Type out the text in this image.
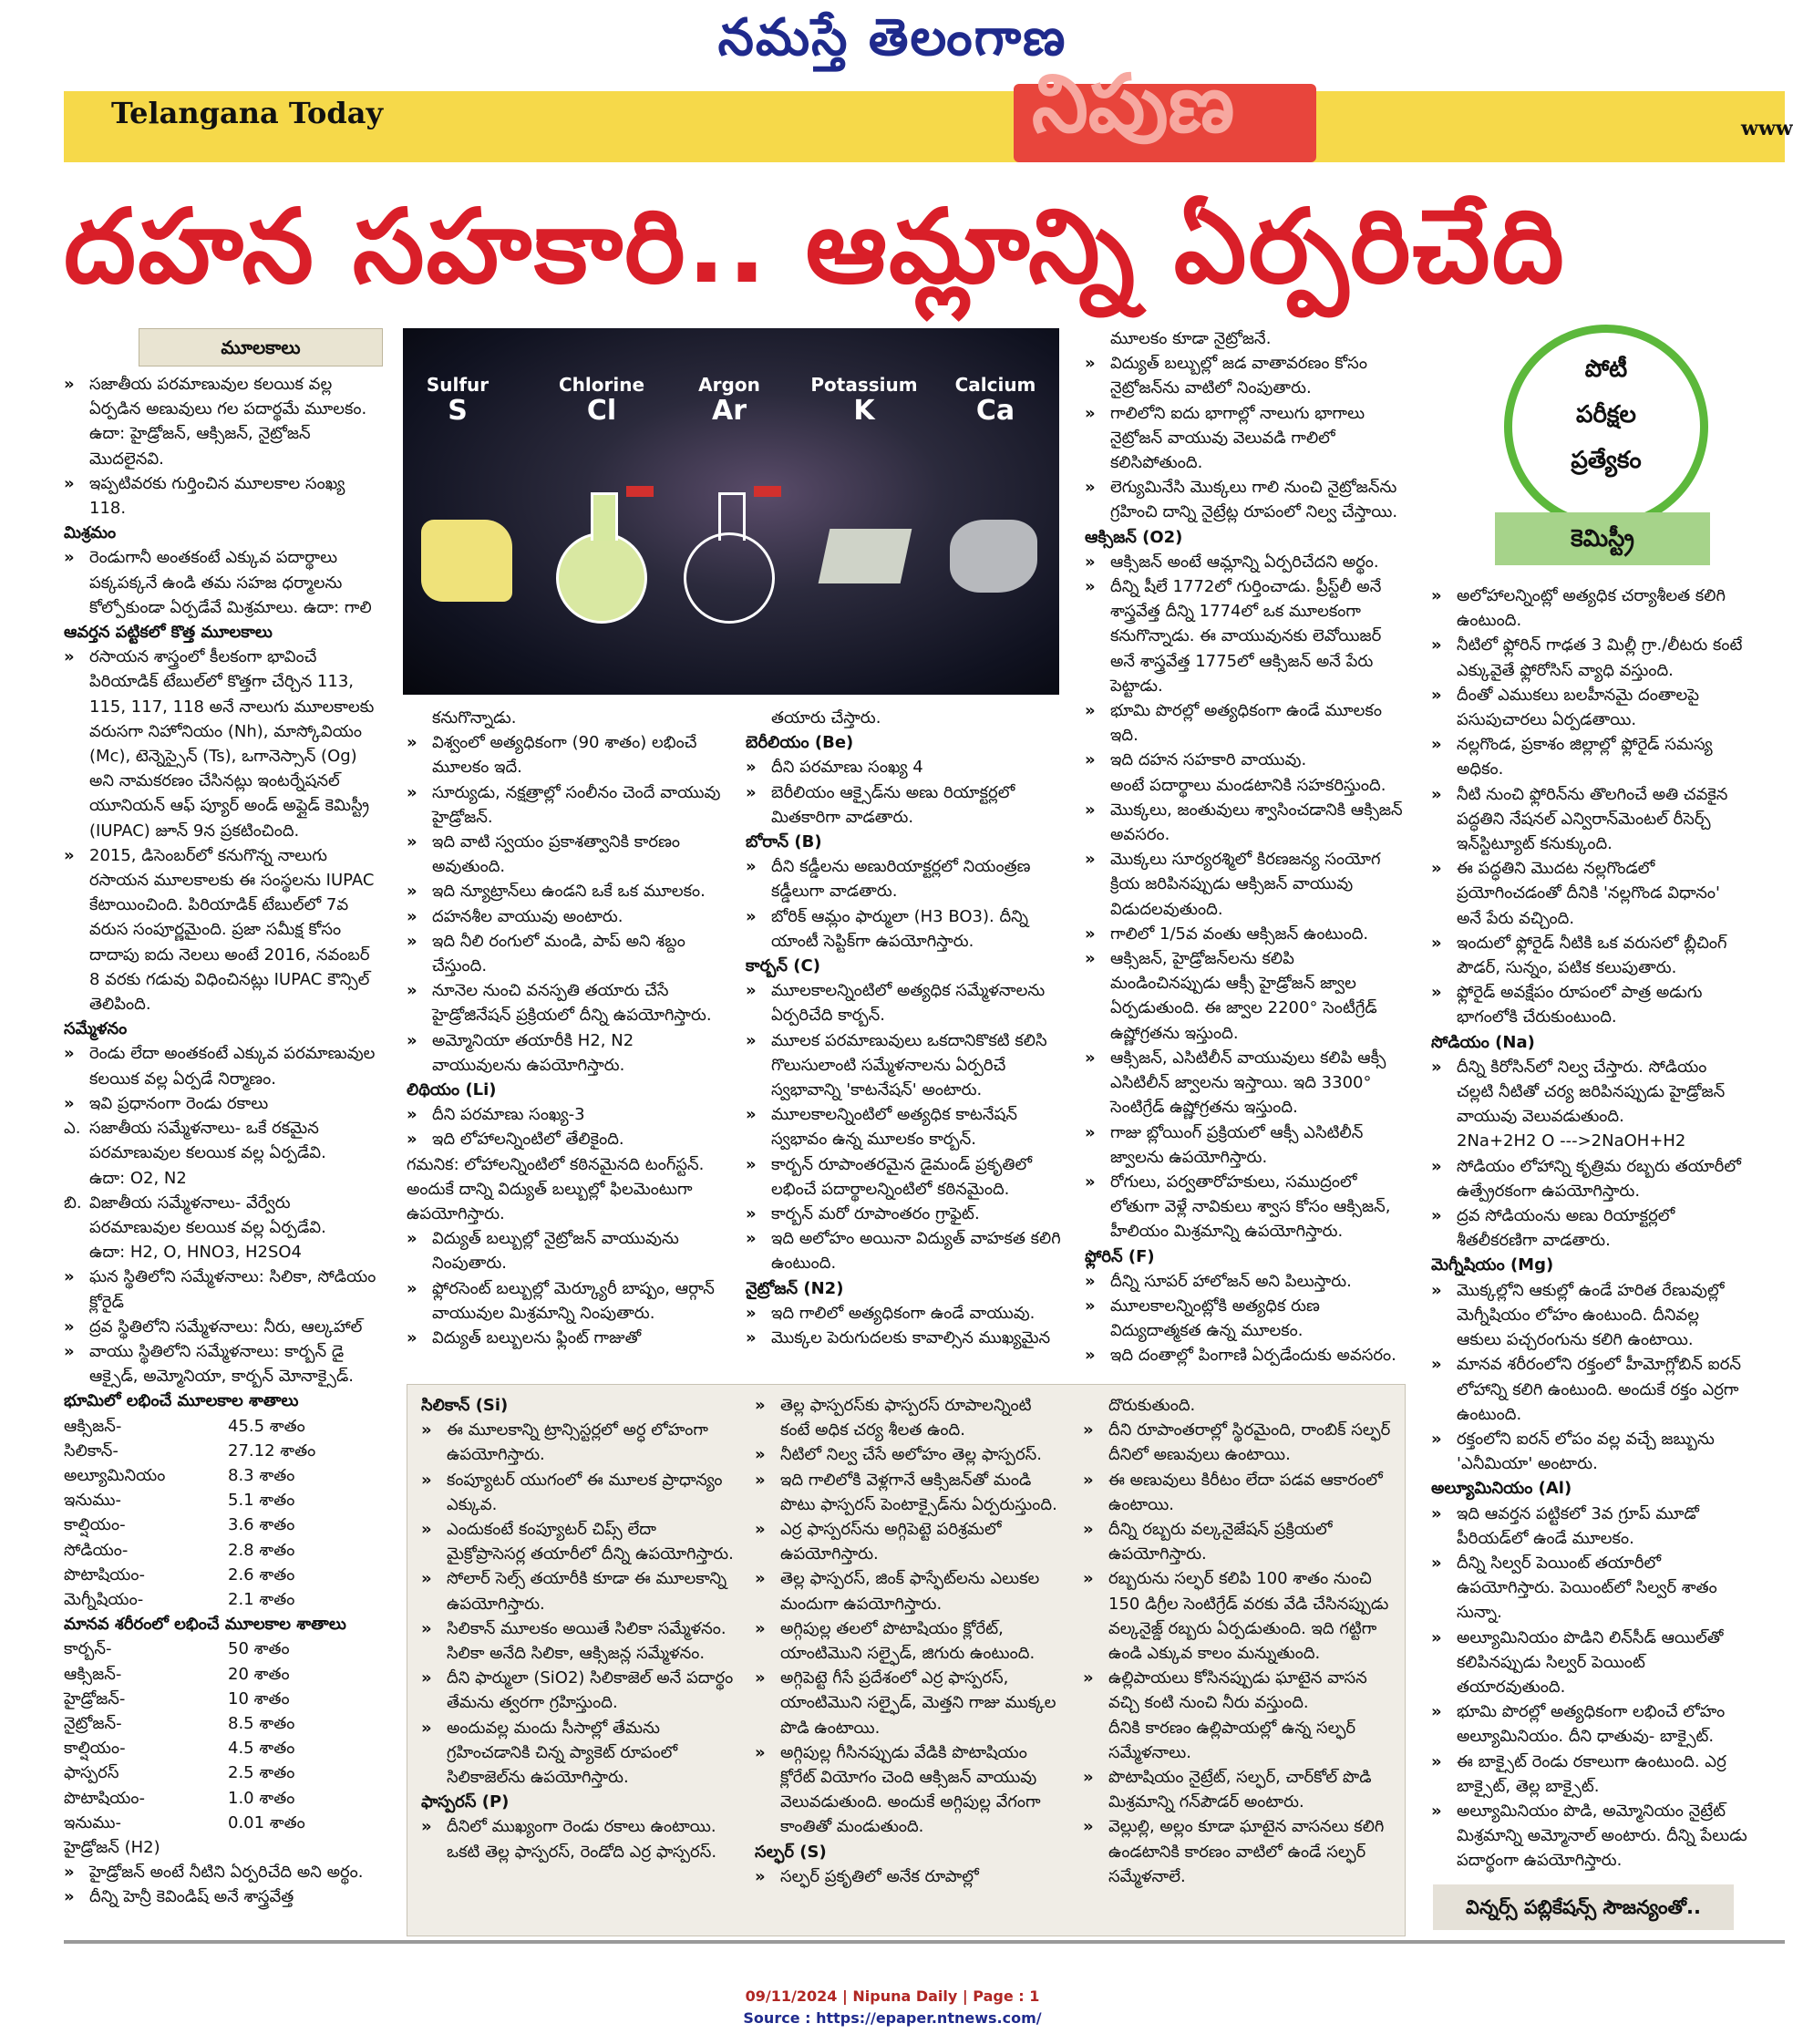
నమస్తే తెలంగాణ
Telangana Today	నిపుణ	www
దహన సహకారి.. ఆమ్లాన్ని ఏర్పరిచేది
మూలకాలు

» సజాతీయ పరమాణువుల కలయిక వల్ల ఏర్పడిన అణువులు గల పదార్థమే మూలకం.

ఉదా: హైడ్రోజన్, ఆక్సిజన్, నైట్రోజన్ మొదలైనవి.

» ఇప్పటివరకు గుర్తించిన మూలకాల సంఖ్య 118.

మిశ్రమం

» రెండుగానీ అంతకంటే ఎక్కువ పదార్థాలు పక్కపక్కనే ఉండి తమ సహజ ధర్మాలను కోల్పోకుండా ఏర్పడేవే మిశ్రమాలు. ఉదా: గాలి

ఆవర్తన పట్టికలో కొత్త మూలకాలు

» రసాయన శాస్త్రంలో కీలకంగా భావించే పిరియాడిక్ టేబుల్‌లో కొత్తగా చేర్చిన 113, 115, 117, 118 అనే నాలుగు మూలకాలకు వరుసగా నిహోనియం (Nh), మాస్కోవియం (Mc), టెన్నెస్సైన్ (Ts), ఒగానెస్సాన్ (Og) అని నామకరణం చేసినట్లు ఇంటర్నేషనల్ యూనియన్ ఆఫ్ ప్యూర్ అండ్ అప్లైడ్ కెమిస్ట్రీ (IUPAC) జూన్ 9న ప్రకటించింది.

» 2015, డిసెంబర్‌లో కనుగొన్న నాలుగు రసాయన మూలకాలకు ఈ సంస్థలను IUPAC కేటాయించింది. పిరియాడిక్ టేబుల్‌లో 7వ వరుస సంపూర్ణమైంది. ప్రజా సమీక్ష కోసం దాదాపు ఐదు నెలలు అంటే 2016, నవంబర్ 8 వరకు గడువు విధించినట్లు IUPAC కౌన్సిల్ తెలిపింది.

సమ్మేళనం

» రెండు లేదా అంతకంటే ఎక్కువ పరమాణువుల కలయిక వల్ల ఏర్పడే నిర్మాణం.

» ఇవి ప్రధానంగా రెండు రకాలు

ఎ. సజాతీయ సమ్మేళనాలు- ఒకే రకమైన పరమాణువుల కలయిక వల్ల ఏర్పడేవి.

ఉదా: O2, N2

బి. విజాతీయ సమ్మేళనాలు- వేర్వేరు పరమాణువుల కలయిక వల్ల ఏర్పడేవి.

ఉదా: H2, O, HNO3, H2SO4

» ఘన స్థితిలోని సమ్మేళనాలు: సిలికా, సోడియం క్లోరైడ్

» ద్రవ స్థితిలోని సమ్మేళనాలు: నీరు, ఆల్కహాల్

» వాయు స్థితిలోని సమ్మేళనాలు: కార్బన్ డై ఆక్సైడ్, అమ్మోనియా, కార్బన్ మోనాక్సైడ్.

భూమిలో లభించే మూలకాల శాతాలు

ఆక్సిజన్-	45.5 శాతం
సిలికాన్-	27.12 శాతం
అల్యూమినియం	8.3 శాతం
ఇనుము-	5.1 శాతం
కాల్షియం-	3.6 శాతం
సోడియం-	2.8 శాతం
పొటాషియం-	2.6 శాతం
మెగ్నీషియం-	2.1 శాతం

మానవ శరీరంలో లభించే మూలకాల శాతాలు

కార్బన్-	50 శాతం
ఆక్సిజన్-	20 శాతం
హైడ్రోజన్-	10 శాతం
నైట్రోజన్-	8.5 శాతం
కాల్షియం-	4.5 శాతం
ఫాస్పరస్	2.5 శాతం
పొటాషియం-	1.0 శాతం
ఇనుము-	0.01 శాతం

హైడ్రోజన్ (H2)

» హైడ్రోజన్ అంటే నీటిని ఏర్పరిచేది అని అర్థం.

» దీన్ని హెన్రీ కెవిండిష్ అనే శాస్త్రవేత్త

Sulfur
S
Chlorine
Cl
Argon
Ar
Potassium
K
Calcium
Ca

కనుగొన్నాడు.

» విశ్వంలో అత్యధికంగా (90 శాతం) లభించే మూలకం ఇదే.

» సూర్యుడు, నక్షత్రాల్లో సంలీనం చెందే వాయువు హైడ్రోజన్.

» ఇది వాటి స్వయం ప్రకాశత్వానికి కారణం అవుతుంది.

» ఇది న్యూట్రాన్‌లు ఉండని ఒకే ఒక మూలకం.

» దహనశీల వాయువు అంటారు.

» ఇది నీలి రంగులో మండి, పాప్ అని శబ్దం చేస్తుంది.

» నూనెల నుంచి వనస్పతి తయారు చేసే హైడ్రోజినేషన్ ప్రక్రియలో దీన్ని ఉపయోగిస్తారు.

» అమ్మోనియా తయారీకి H2, N2 వాయువులను ఉపయోగిస్తారు.

లిథియం (Li)

» దీని పరమాణు సంఖ్య-3

» ఇది లోహాలన్నింటిలో తేలికైంది.

గమనిక: లోహాలన్నింటిలో కఠినమైనది టంగ్‌స్టన్. అందుకే దాన్ని విద్యుత్ బల్బుల్లో ఫిలమెంటుగా ఉపయోగిస్తారు.

» విద్యుత్ బల్బుల్లో నైట్రోజన్ వాయువును నింపుతారు.

» ఫ్లోరసెంట్ బల్బుల్లో మెర్క్యూరీ బాష్పం, ఆర్గాన్ వాయువుల మిశ్రమాన్ని నింపుతారు.

» విద్యుత్ బల్బులను ఫ్లింట్ గాజుతో

తయారు చేస్తారు.

బెరీలియం (Be)

» దీని పరమాణు సంఖ్య 4

» బెరీలియం ఆక్సైడ్‌ను అణు రియాక్టర్లలో మితకారిగా వాడతారు.

బోరాన్ (B)

» దీని కడ్డీలను అణురియాక్టర్లలో నియంత్రణ కడ్డీలుగా వాడతారు.

» బోరిక్ ఆమ్లం ఫార్ములా (H3 BO3). దీన్ని యాంటీ సెప్టిక్‌గా ఉపయోగిస్తారు.

కార్బన్ (C)

» మూలకాలన్నింటిలో అత్యధిక సమ్మేళనాలను ఏర్పరిచేది కార్బన్.

» మూలక పరమాణువులు ఒకదానికొకటి కలిసి గొలుసులాంటి సమ్మేళనాలను ఏర్పరిచే స్వభావాన్ని 'కాటనేషన్' అంటారు.

» మూలకాలన్నింటిలో అత్యధిక కాటనేషన్ స్వభావం ఉన్న మూలకం కార్బన్.

» కార్బన్ రూపాంతరమైన డైమండ్ ప్రకృతిలో లభించే పదార్థాలన్నింటిలో కఠినమైంది.

» కార్బన్ మరో రూపాంతరం గ్రాఫైట్.

» ఇది అలోహం అయినా విద్యుత్ వాహకత కలిగి ఉంటుంది.

నైట్రోజన్ (N2)

» ఇది గాలిలో అత్యధికంగా ఉండే వాయువు.

» మొక్కల పెరుగుదలకు కావాల్సిన ముఖ్యమైన

మూలకం కూడా నైట్రోజనే.

» విద్యుత్ బల్బుల్లో జడ వాతావరణం కోసం నైట్రోజన్‌ను వాటిలో నింపుతారు.

» గాలిలోని ఐదు భాగాల్లో నాలుగు భాగాలు నైట్రోజన్ వాయువు వెలువడి గాలిలో కలిసిపోతుంది.

» లెగ్యుమినేసి మొక్కలు గాలి నుంచి నైట్రోజన్‌ను గ్రహించి దాన్ని నైట్రేట్ల రూపంలో నిల్వ చేస్తాయి.

ఆక్సిజన్ (O2)

» ఆక్సిజన్ అంటే ఆమ్లాన్ని ఏర్పరిచేదని అర్థం.

» దీన్ని షీలే 1772లో గుర్తించాడు. ప్రీస్ట్‌లీ అనే శాస్త్రవేత్త దీన్ని 1774లో ఒక మూలకంగా కనుగొన్నాడు. ఈ వాయువునకు లెవోయిజర్ అనే శాస్త్రవేత్త 1775లో ఆక్సిజన్ అనే పేరు పెట్టాడు.

» భూమి పొరల్లో అత్యధికంగా ఉండే మూలకం ఇది.

» ఇది దహన సహకారి వాయువు.

అంటే పదార్థాలు మండటానికి సహకరిస్తుంది.

» మొక్కలు, జంతువులు శ్వాసించడానికి ఆక్సిజన్ అవసరం.

» మొక్కలు సూర్యరశ్మిలో కిరణజన్య సంయోగ క్రియ జరిపినప్పుడు ఆక్సిజన్ వాయువు విడుదలవుతుంది.

» గాలిలో 1/5వ వంతు ఆక్సిజన్ ఉంటుంది.

» ఆక్సిజన్, హైడ్రోజన్‌లను కలిపి మండించినప్పుడు ఆక్సీ హైడ్రోజన్ జ్వాల ఏర్పడుతుంది. ఈ జ్వాల 2200° సెంటీగ్రేడ్ ఉష్ణోగ్రతను ఇస్తుంది.

» ఆక్సిజన్, ఎసిటిలీన్ వాయువులు కలిపి ఆక్సీ ఎసిటిలీన్ జ్వాలను ఇస్తాయి. ఇది 3300° సెంటిగ్రేడ్ ఉష్ణోగ్రతను ఇస్తుంది.

» గాజు బ్లోయింగ్ ప్రక్రియలో ఆక్సీ ఎసిటిలీన్ జ్వాలను ఉపయోగిస్తారు.

» రోగులు, పర్వతారోహకులు, సముద్రంలో లోతుగా వెళ్లే నావికులు శ్వాస కోసం ఆక్సిజన్, హీలియం మిశ్రమాన్ని ఉపయోగిస్తారు.

ఫ్లోరిన్ (F)

» దీన్ని సూపర్ హాలోజన్ అని పిలుస్తారు.

» మూలకాలన్నింట్లోకి అత్యధిక రుణ విద్యుదాత్మకత ఉన్న మూలకం.

» ఇది దంతాల్లో పింగాణి ఏర్పడేందుకు అవసరం.

పోటీ
పరీక్షల
ప్రత్యేకం
కెమిస్ట్రీ

» అలోహాలన్నింట్లో అత్యధిక చర్యాశీలత కలిగి ఉంటుంది.

» నీటిలో ఫ్లోరిన్ గాఢత 3 మిల్లీ గ్రా./లీటరు కంటే ఎక్కువైతే ఫ్లోరోసిస్ వ్యాధి వస్తుంది.

» దీంతో ఎముకలు బలహీనమై దంతాలపై పసుపుచారలు ఏర్పడతాయి.

» నల్లగొండ, ప్రకాశం జిల్లాల్లో ఫ్లోరైడ్ సమస్య అధికం.

» నీటి నుంచి ఫ్లోరిన్‌ను తొలగించే అతి చవకైన పద్ధతిని నేషనల్ ఎన్విరాన్‌మెంటల్ రీసెర్చ్ ఇన్‌స్టిట్యూట్ కనుక్కుంది.

» ఈ పద్ధతిని మొదట నల్లగొండలో ప్రయోగించడంతో దీనికి 'నల్లగొండ విధానం' అనే పేరు వచ్చింది.

» ఇందులో ఫ్లోరైడ్ నీటికి ఒక వరుసలో బ్లీచింగ్ పౌడర్, సున్నం, పటిక కలుపుతారు.

» ఫ్లోరైడ్ అవక్షేపం రూపంలో పాత్ర అడుగు భాగంలోకి చేరుకుంటుంది.

సోడియం (Na)

» దీన్ని కిరోసిన్‌లో నిల్వ చేస్తారు. సోడియం చల్లటి నీటితో చర్య జరిపినప్పుడు హైడ్రోజన్ వాయువు వెలువడుతుంది.

2Na+2H2 O --->2NaOH+H2

» సోడియం లోహాన్ని కృత్రిమ రబ్బరు తయారీలో ఉత్ప్రేరకంగా ఉపయోగిస్తారు.

» ద్రవ సోడియంను అణు రియాక్టర్లలో శీతలీకరణిగా వాడతారు.

మెగ్నీషియం (Mg)

» మొక్కల్లోని ఆకుల్లో ఉండే హరిత రేణువుల్లో మెగ్నీషియం లోహం ఉంటుంది. దీనివల్ల ఆకులు పచ్చరంగును కలిగి ఉంటాయి.

» మానవ శరీరంలోని రక్తంలో హీమోగ్లోబిన్ ఐరన్ లోహాన్ని కలిగి ఉంటుంది. అందుకే రక్తం ఎర్రగా ఉంటుంది.

» రక్తంలోని ఐరన్ లోపం వల్ల వచ్చే జబ్బును 'ఎనీమియా' అంటారు.

అల్యూమినియం (Al)

» ఇది ఆవర్తన పట్టికలో 3వ గ్రూప్ మూడో పీరియడ్‌లో ఉండే మూలకం.

» దీన్ని సిల్వర్ పెయింట్ తయారీలో ఉపయోగిస్తారు. పెయింట్‌లో సిల్వర్ శాతం సున్నా.

» అల్యూమినియం పొడిని లిన్‌సీడ్ ఆయిల్‌తో కలిపినప్పుడు సిల్వర్ పెయింట్ తయారవుతుంది.

» భూమి పొరల్లో అత్యధికంగా లభించే లోహం అల్యూమినియం. దీని ధాతువు- బాక్సైట్.

» ఈ బాక్సైట్ రెండు రకాలుగా ఉంటుంది. ఎర్ర బాక్సైట్, తెల్ల బాక్సైట్.

» అల్యూమినియం పొడి, అమ్మోనియం నైట్రేట్ మిశ్రమాన్ని అమ్మోనాల్ అంటారు. దీన్ని పేలుడు పదార్థంగా ఉపయోగిస్తారు.

సిలికాన్ (Si)

» ఈ మూలకాన్ని ట్రాన్సిస్టర్లలో అర్ధ లోహంగా ఉపయోగిస్తారు.

» కంప్యూటర్ యుగంలో ఈ మూలక ప్రాధాన్యం ఎక్కువ.

» ఎందుకంటే కంప్యూటర్ చిప్స్ లేదా మైక్రోప్రాసెసర్ల తయారీలో దీన్ని ఉపయోగిస్తారు.

» సోలార్ సెల్స్ తయారీకి కూడా ఈ మూలకాన్ని ఉపయోగిస్తారు.

» సిలికాన్ మూలకం అయితే సిలికా సమ్మేళనం. సిలికా అనేది సిలికా, ఆక్సిజన్ల సమ్మేళనం.

» దీని ఫార్ములా (SiO2) సిలికాజెల్ అనే పదార్థం తేమను త్వరగా గ్రహిస్తుంది.

» అందువల్ల మందు సీసాల్లో తేమను గ్రహించడానికి చిన్న ప్యాకెట్ రూపంలో సిలికాజెల్‌ను ఉపయోగిస్తారు.

ఫాస్పరస్ (P)

» దీనిలో ముఖ్యంగా రెండు రకాలు ఉంటాయి. ఒకటి తెల్ల ఫాస్పరస్, రెండోది ఎర్ర ఫాస్పరస్.

» తెల్ల ఫాస్పరస్‌కు ఫాస్పరస్ రూపాలన్నింటి కంటే అధిక చర్య శీలత ఉంది.

» నీటిలో నిల్వ చేసే అలోహం తెల్ల ఫాస్పరస్.

» ఇది గాలిలోకి వెళ్లగానే ఆక్సిజన్‌తో మండి పొటు ఫాస్పరస్ పెంటాక్సైడ్‌ను ఏర్పరుస్తుంది.

» ఎర్ర ఫాస్పరస్‌ను అగ్గిపెట్టె పరిశ్రమలో ఉపయోగిస్తారు.

» తెల్ల ఫాస్పరస్, జింక్ ఫాస్ఫేట్‌లను ఎలుకల మందుగా ఉపయోగిస్తారు.

» అగ్గిపుల్ల తలలో పొటాషియం క్లోరేట్, యాంటిమొని సల్ఫైడ్, జిగురు ఉంటుంది.

» అగ్గిపెట్టె గీసే ప్రదేశంలో ఎర్ర ఫాస్పరస్, యాంటిమొని సల్ఫైడ్, మెత్తని గాజు ముక్కల పొడి ఉంటాయి.

» అగ్గిపుల్ల గీసినప్పుడు వేడికి పొటాషియం క్లోరేట్ వియోగం చెంది ఆక్సిజన్ వాయువు వెలువడుతుంది. అందుకే అగ్గిపుల్ల వేగంగా కాంతితో మండుతుంది.

సల్ఫర్ (S)

» సల్ఫర్ ప్రకృతిలో అనేక రూపాల్లో

దొరుకుతుంది.

» దీని రూపాంతరాల్లో స్థిరమైంది, రాంబిక్ సల్ఫర్ దీనిలో అణువులు ఉంటాయి.

» ఈ అణువులు కిరీటం లేదా పడవ ఆకారంలో ఉంటాయి.

» దీన్ని రబ్బరు వల్కనైజేషన్ ప్రక్రియలో ఉపయోగిస్తారు.

» రబ్బరును సల్ఫర్ కలిపి 100 శాతం నుంచి 150 డిగ్రీల సెంటిగ్రేడ్ వరకు వేడి చేసినప్పుడు వల్కనైజ్డ్ రబ్బరు ఏర్పడుతుంది. ఇది గట్టిగా ఉండి ఎక్కువ కాలం మన్నుతుంది.

» ఉల్లిపాయలు కోసినప్పుడు ఘాటైన వాసన వచ్చి కంటి నుంచి నీరు వస్తుంది.

దీనికి కారణం ఉల్లిపాయల్లో ఉన్న సల్ఫర్ సమ్మేళనాలు.

» పొటాషియం నైట్రేట్, సల్ఫర్, చార్‌కోల్ పొడి మిశ్రమాన్ని గన్‌పౌడర్ అంటారు.

» వెల్లుల్లి, అల్లం కూడా ఘాటైన వాసనలు కలిగి ఉండటానికి కారణం వాటిలో ఉండే సల్ఫర్ సమ్మేళనాలే.

విన్నర్స్ పబ్లికేషన్స్ సౌజన్యంతో..
09/11/2024 | Nipuna Daily | Page : 1
Source : https://epaper.ntnews.com/
